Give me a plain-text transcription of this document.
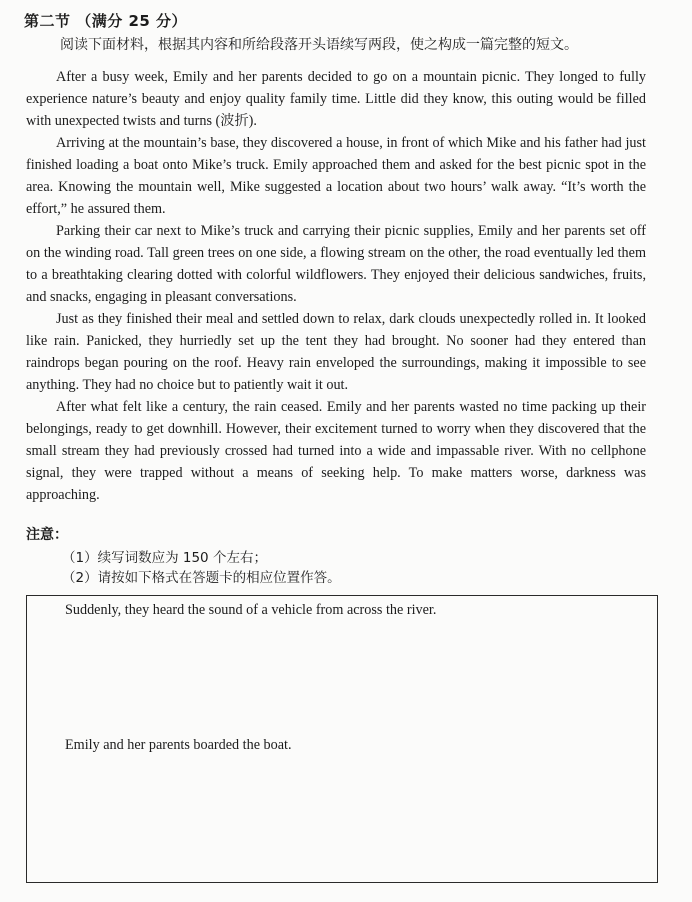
第二节 （满分 25 分）
阅读下面材料，根据其内容和所给段落开头语续写两段，使之构成一篇完整的短文。

After a busy week, Emily and her parents decided to go on a mountain picnic. They longed to fully experience nature’s beauty and enjoy quality family time. Little did they know, this outing would be filled with unexpected twists and turns (波折).

Arriving at the mountain’s base, they discovered a house, in front of which Mike and his father had just finished loading a boat onto Mike’s truck. Emily approached them and asked for the best picnic spot in the area. Knowing the mountain well, Mike suggested a location about two hours’ walk away. “It’s worth the effort,” he assured them.

Parking their car next to Mike’s truck and carrying their picnic supplies, Emily and her parents set off on the winding road. Tall green trees on one side, a flowing stream on the other, the road eventually led them to a breathtaking clearing dotted with colorful wildflowers. They enjoyed their delicious sandwiches, fruits, and snacks, engaging in pleasant conversations.

Just as they finished their meal and settled down to relax, dark clouds unexpectedly rolled in. It looked like rain. Panicked, they hurriedly set up the tent they had brought. No sooner had they entered than raindrops began pouring on the roof. Heavy rain enveloped the surroundings, making it impossible to see anything. They had no choice but to patiently wait it out.

After what felt like a century, the rain ceased. Emily and her parents wasted no time packing up their belongings, ready to get downhill. However, their excitement turned to worry when they discovered that the small stream they had previously crossed had turned into a wide and impassable river. With no cellphone signal, they were trapped without a means of seeking help. To make matters worse, darkness was approaching.

注意：
（1）续写词数应为 150 个左右；
（2）请按如下格式在答题卡的相应位置作答。
Suddenly, they heard the sound of a vehicle from across the river.
Emily and her parents boarded the boat.
